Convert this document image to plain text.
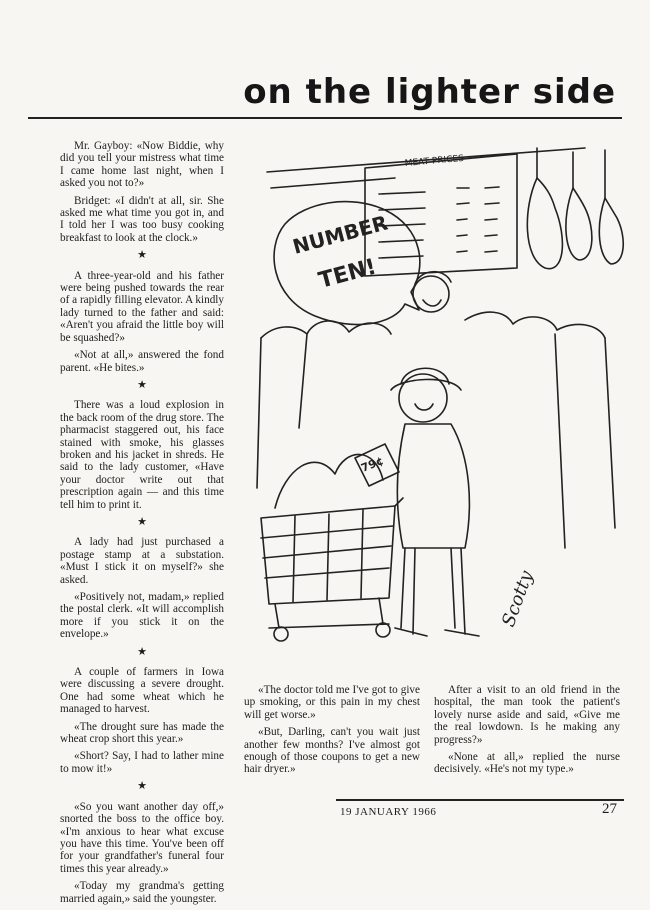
on the lighter side

Mr. Gayboy: «Now Biddie, why did you tell your mistress what time I came home last night, when I asked you not to?»

Bridget: «I didn't at all, sir. She asked me what time you got in, and I told her I was too busy cooking breakfast to look at the clock.»

★

A three-year-old and his father were being pushed towards the rear of a rapidly filling elevator. A kindly lady turned to the father and said: «Aren't you afraid the little boy will be squashed?»

«Not at all,» answered the fond parent. «He bites.»

★

There was a loud explosion in the back room of the drug store. The pharmacist staggered out, his face stained with smoke, his glasses broken and his jacket in shreds. He said to the lady customer, «Have your doctor write out that prescription again — and this time tell him to print it.

★

A lady had just purchased a postage stamp at a substation. «Must I stick it on myself?» she asked.

«Positively not, madam,» replied the postal clerk. «It will accomplish more if you stick it on the envelope.»

★

A couple of farmers in Iowa were discussing a severe drought. One had some wheat which he managed to harvest.

«The drought sure has made the wheat crop short this year.»

«Short? Say, I had to lather mine to mow it!»

★

«So you want another day off,» snorted the boss to the office boy. «I'm anxious to hear what excuse you have this time. You've been off for your grandfather's funeral four times this year already.»

«Today my grandma's getting married again,» said the youngster.

MEAT PRICES
NUMBER
TEN!
79¢
Scotty

«The doctor told me I've got to give up smoking, or this pain in my chest will get worse.»

«But, Darling, can't you wait just another few months? I've almost got enough of those coupons to get a new hair dryer.»

After a visit to an old friend in the hospital, the man took the patient's lovely nurse aside and said, «Give me the real lowdown. Is he making any progress?»

«None at all,» replied the nurse decisively. «He's not my type.»

19 JANUARY 1966	27
